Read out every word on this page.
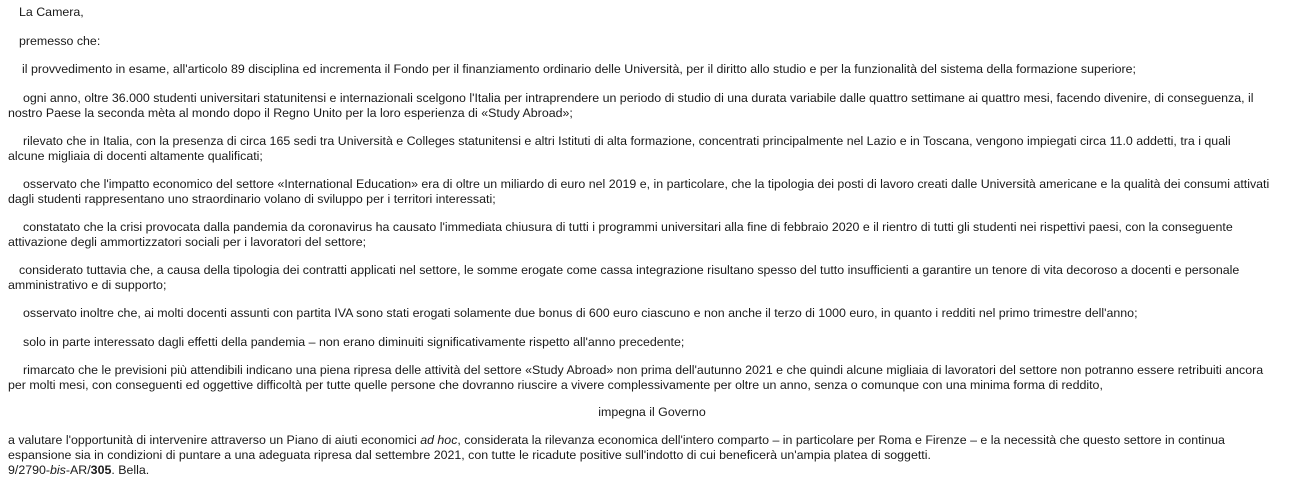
La Camera,

premesso che:

il provvedimento in esame, all'articolo 89 disciplina ed incrementa il Fondo per il finanziamento ordinario delle Università, per il diritto allo studio e per la funzionalità del sistema della formazione superiore;

ogni anno, oltre 36.000 studenti universitari statunitensi e internazionali scelgono l'Italia per intraprendere un periodo di studio di una durata variabile dalle quattro settimane ai quattro mesi, facendo divenire, di conseguenza, il nostro Paese la seconda mèta al mondo dopo il Regno Unito per la loro esperienza di «Study Abroad»;

rilevato che in Italia, con la presenza di circa 165 sedi tra Università e Colleges statunitensi e altri Istituti di alta formazione, concentrati principalmente nel Lazio e in Toscana, vengono impiegati circa 11.0 addetti, tra i quali alcune migliaia di docenti altamente qualificati;

osservato che l'impatto economico del settore «International Education» era di oltre un miliardo di euro nel 2019 e, in particolare, che la tipologia dei posti di lavoro creati dalle Università americane e la qualità dei consumi attivati dagli studenti rappresentano uno straordinario volano di sviluppo per i territori interessati;

constatato che la crisi provocata dalla pandemia da coronavirus ha causato l'immediata chiusura di tutti i programmi universitari alla fine di febbraio 2020 e il rientro di tutti gli studenti nei rispettivi paesi, con la conseguente attivazione degli ammortizzatori sociali per i lavoratori del settore;

considerato tuttavia che, a causa della tipologia dei contratti applicati nel settore, le somme erogate come cassa integrazione risultano spesso del tutto insufficienti a garantire un tenore di vita decoroso a docenti e personale amministrativo e di supporto;

osservato inoltre che, ai molti docenti assunti con partita IVA sono stati erogati solamente due bonus di 600 euro ciascuno e non anche il terzo di 1000 euro, in quanto i redditi nel primo trimestre dell'anno;

solo in parte interessato dagli effetti della pandemia – non erano diminuiti significativamente rispetto all'anno precedente;

rimarcato che le previsioni più attendibili indicano una piena ripresa delle attività del settore «Study Abroad» non prima dell'autunno 2021 e che quindi alcune migliaia di lavoratori del settore non potranno essere retribuiti ancora per molti mesi, con conseguenti ed oggettive difficoltà per tutte quelle persone che dovranno riuscire a vivere complessivamente per oltre un anno, senza o comunque con una minima forma di reddito,

impegna il Governo

a valutare l'opportunità di intervenire attraverso un Piano di aiuti economici ad hoc, considerata la rilevanza economica dell'intero comparto – in particolare per Roma e Firenze – e la necessità che questo settore in continua espansione sia in condizioni di puntare a una adeguata ripresa dal settembre 2021, con tutte le ricadute positive sull'indotto di cui beneficerà un'ampia platea di soggetti.

9/2790-bis-AR/305. Bella.
